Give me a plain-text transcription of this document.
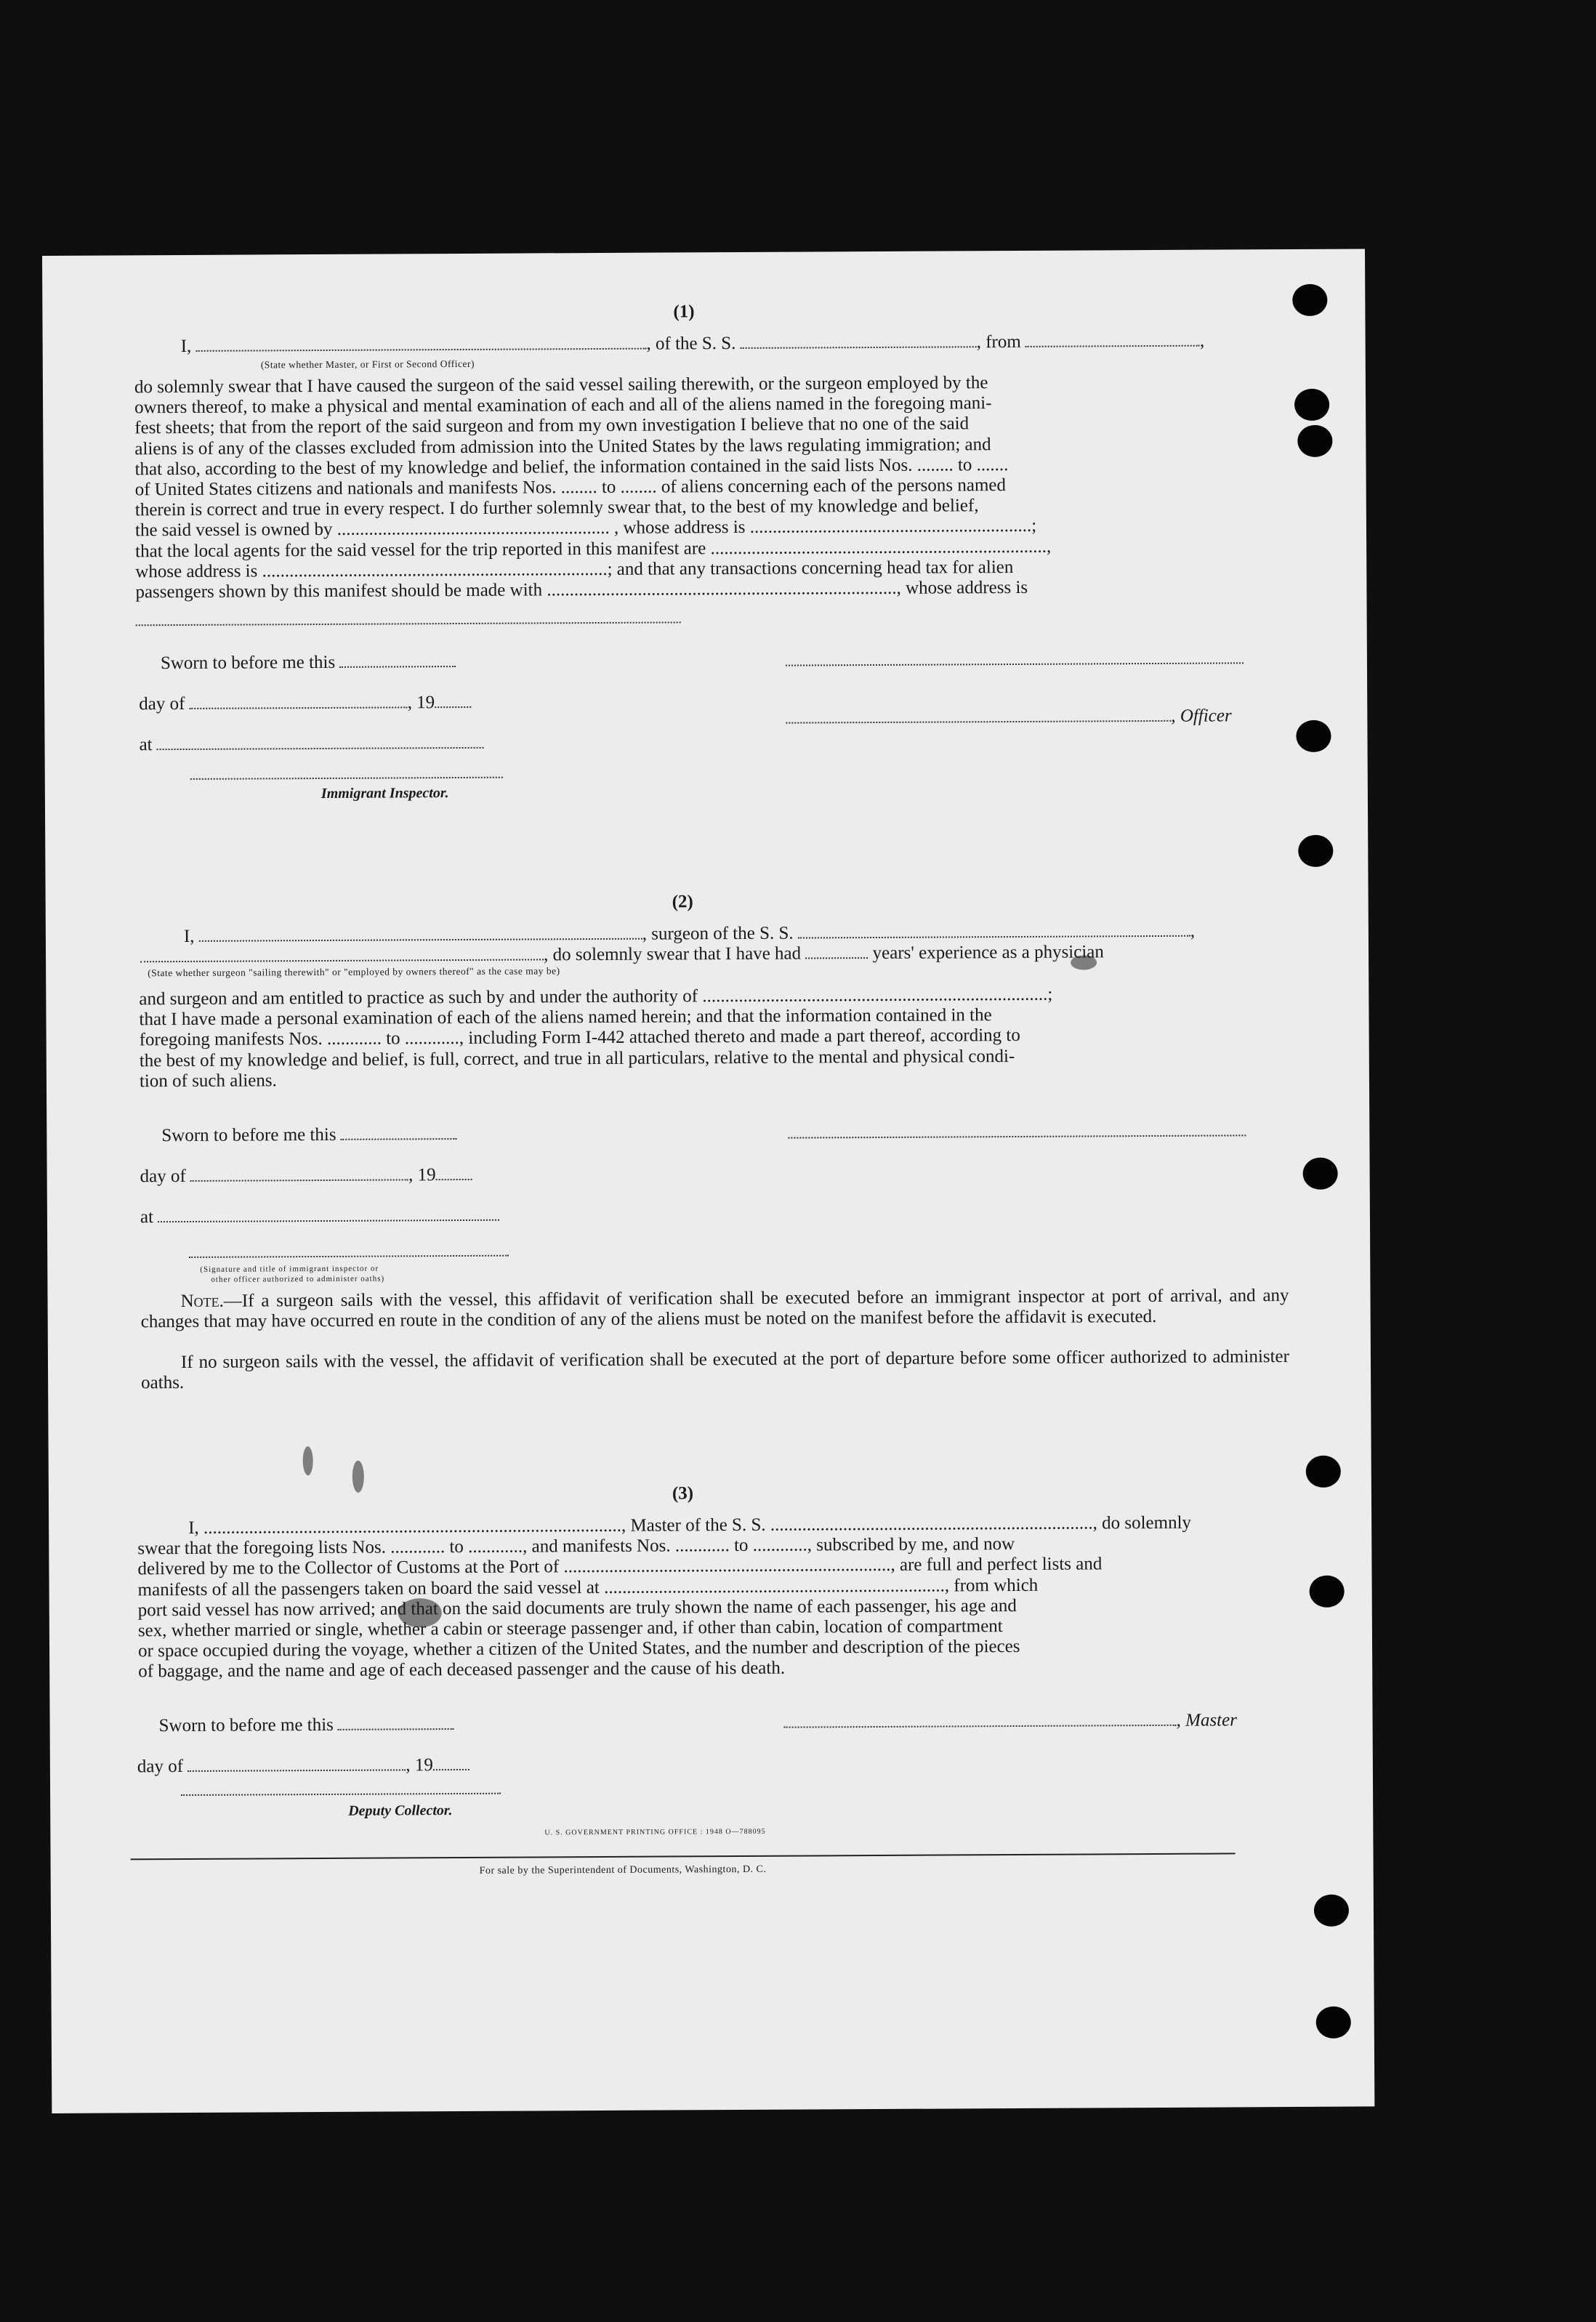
(1)
I,	, of the S. S.	, from	,
(State whether Master, or First or Second Officer)
do solemnly swear that I have caused the surgeon of the said vessel sailing therewith, or the surgeon employed by the
owners thereof, to make a physical and mental examination of each and all of the aliens named in the foregoing mani-
fest sheets; that from the report of the said surgeon and from my own investigation I believe that no one of the said
aliens is of any of the classes excluded from admission into the United States by the laws regulating immigration; and
that also, according to the best of my knowledge and belief, the information contained in the said lists Nos. ........ to .......
of United States citizens and nationals and manifests Nos. ........ to ........ of aliens concerning each of the persons named
therein is correct and true in every respect. I do further solemnly swear that, to the best of my knowledge and belief,
the said vessel is owned by ............................................................ , whose address is ..............................................................;
that the local agents for the said vessel for the trip reported in this manifest are ..........................................................................,
whose address is ............................................................................; and that any transactions concerning head tax for alien
passengers shown by this manifest should be made with ............................................................................., whose address is
Sworn to before me this
day of	, 19
at
Immigrant Inspector.
, Officer
(2)
I,	, surgeon of the S. S.	,
, do solemnly swear that I have had	years' experience as a physician
(State whether surgeon "sailing therewith" or "employed by owners thereof" as the case may be)
and surgeon and am entitled to practice as such by and under the authority of ............................................................................;
that I have made a personal examination of each of the aliens named herein; and that the information contained in the
foregoing manifests Nos. ............ to ............, including Form I-442 attached thereto and made a part thereof, according to
the best of my knowledge and belief, is full, correct, and true in all particulars, relative to the mental and physical condi-
tion of such aliens.
Sworn to before me this
day of	, 19
at
(Signature and title of immigrant inspector or
other officer authorized to administer oaths)
Note.—If a surgeon sails with the vessel, this affidavit of verification shall be executed before an immigrant inspector at port of arrival, and any changes that may have occurred en route in the condition of any of the aliens must be noted on the manifest before the affidavit is executed.
If no surgeon sails with the vessel, the affidavit of verification shall be executed at the port of departure before some officer authorized to administer oaths.
(3)
I, ............................................................................................, Master of the S. S. ......................................................................., do solemnly
swear that the foregoing lists Nos. ............ to ............, and manifests Nos. ............ to ............, subscribed by me, and now
delivered by me to the Collector of Customs at the Port of ........................................................................, are full and perfect lists and
manifests of all the passengers taken on board the said vessel at ..........................................................................., from which
port said vessel has now arrived; and that on the said documents are truly shown the name of each passenger, his age and
sex, whether married or single, whether a cabin or steerage passenger and, if other than cabin, location of compartment
or space occupied during the voyage, whether a citizen of the United States, and the number and description of the pieces
of baggage, and the name and age of each deceased passenger and the cause of his death.
Sworn to before me this
day of	, 19
, Master
Deputy Collector.
U. S. GOVERNMENT PRINTING OFFICE : 1948 O—788095
For sale by the Superintendent of Documents, Washington, D. C.
